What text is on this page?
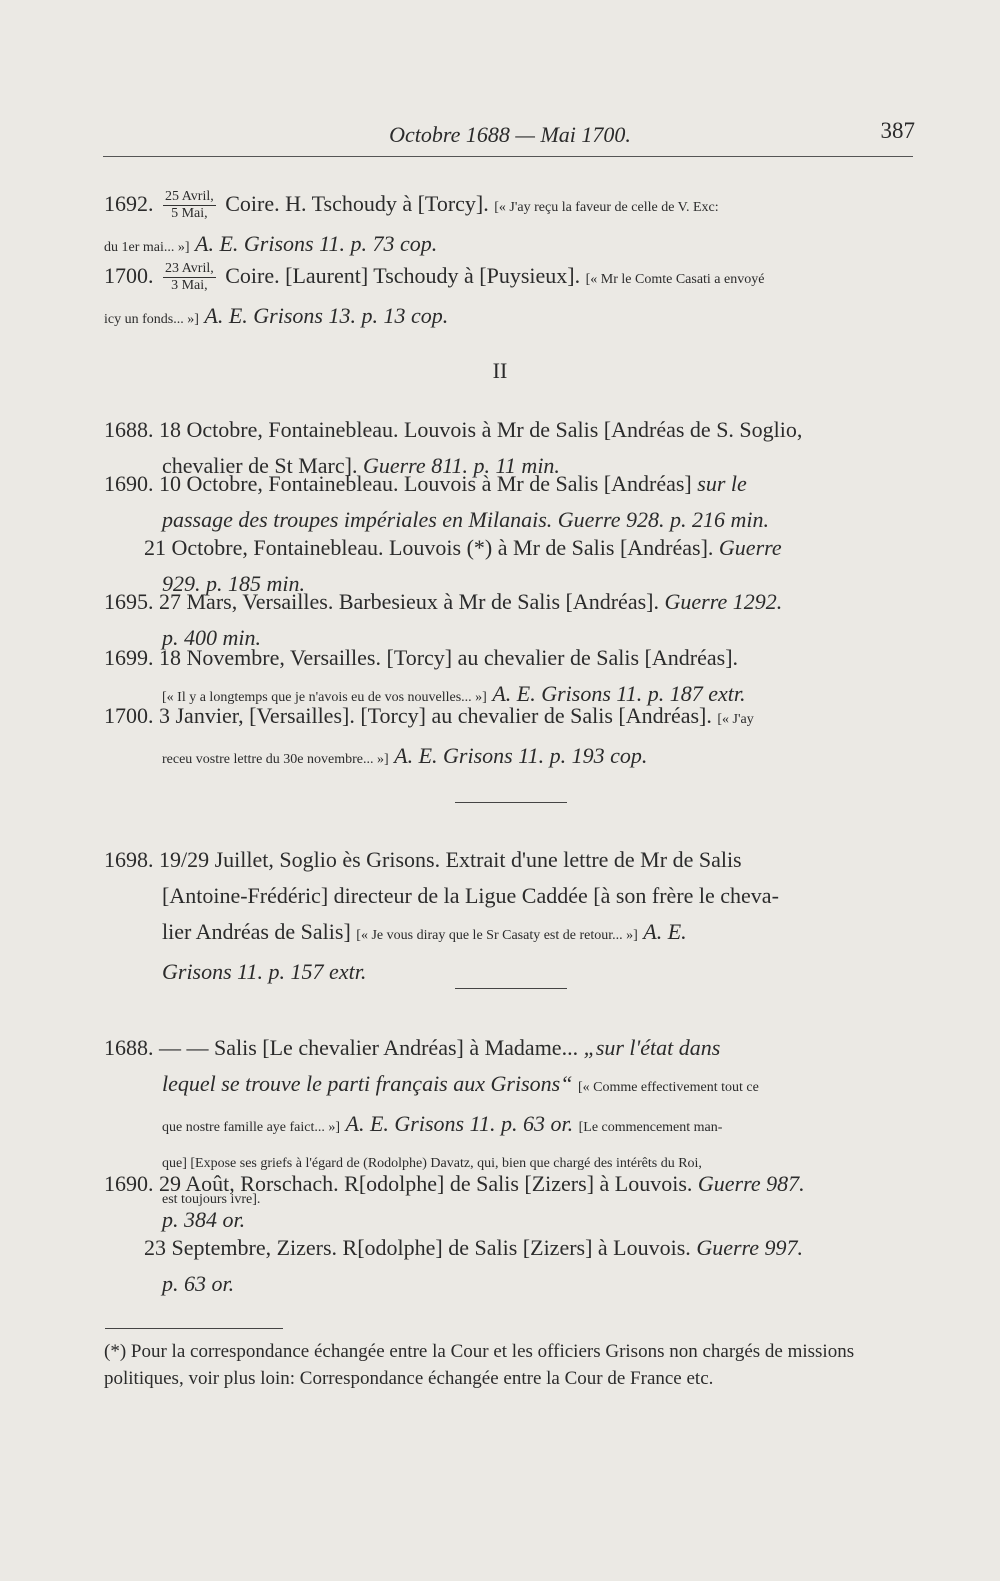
Octobre 1688 — Mai 1700.	387
1692. $\frac{\text{25 Avril,}}{\text{5 Mai,}}$ Coire. H. Tschoudy à [Torcy]. [« J'ay reçu la faveur de celle de V. Exc:
du 1er mai... »] A. E. Grisons 11. p. 73 cop.
1700. $\frac{\text{23 Avril,}}{\text{3 Mai,}}$ Coire. [Laurent] Tschoudy à [Puysieux]. [« Mr le Comte Casati a envoyé
icy un fonds... »] A. E. Grisons 13. p. 13 cop.
II
1688. 18 Octobre, Fontainebleau. Louvois à Mr de Salis [Andréas de S. Soglio,
chevalier de St Marc]. Guerre 811. p. 11 min.
1690. 10 Octobre, Fontainebleau. Louvois à Mr de Salis [Andréas] sur le
passage des troupes impériales en Milanais. Guerre 928. p. 216 min.
21 Octobre, Fontainebleau. Louvois (*) à Mr de Salis [Andréas]. Guerre
929. p. 185 min.
1695. 27 Mars, Versailles. Barbesieux à Mr de Salis [Andréas]. Guerre 1292.
p. 400 min.
1699. 18 Novembre, Versailles. [Torcy] au chevalier de Salis [Andréas].
[« Il y a longtemps que je n'avois eu de vos nouvelles... »] A. E. Grisons 11. p. 187 extr.
1700. 3 Janvier, [Versailles]. [Torcy] au chevalier de Salis [Andréas]. [« J'ay
receu vostre lettre du 30e novembre... »] A. E. Grisons 11. p. 193 cop.
1698. 19/29 Juillet, Soglio ès Grisons. Extrait d'une lettre de Mr de Salis
[Antoine-Frédéric] directeur de la Ligue Caddée [à son frère le cheva-
lier Andréas de Salis] [« Je vous diray que le Sr Casaty est de retour... »] A. E.
Grisons 11. p. 157 extr.
1688. — — Salis [Le chevalier Andréas] à Madame... „sur l'état dans
lequel se trouve le parti français aux Grisons“ [« Comme effectivement tout ce
que nostre famille aye faict... »] A. E. Grisons 11. p. 63 or. [Le commencement man-
que] [Expose ses griefs à l'égard de (Rodolphe) Davatz, qui, bien que chargé des intérêts du Roi,
est toujours ivre].
1690. 29 Août, Rorschach. R[odolphe] de Salis [Zizers] à Louvois. Guerre 987.
p. 384 or.
23 Septembre, Zizers. R[odolphe] de Salis [Zizers] à Louvois. Guerre 997.
p. 63 or.
(*) Pour la correspondance échangée entre la Cour et les officiers Grisons non chargés de missions politiques, voir plus loin: Correspondance échangée entre la Cour de France etc.
